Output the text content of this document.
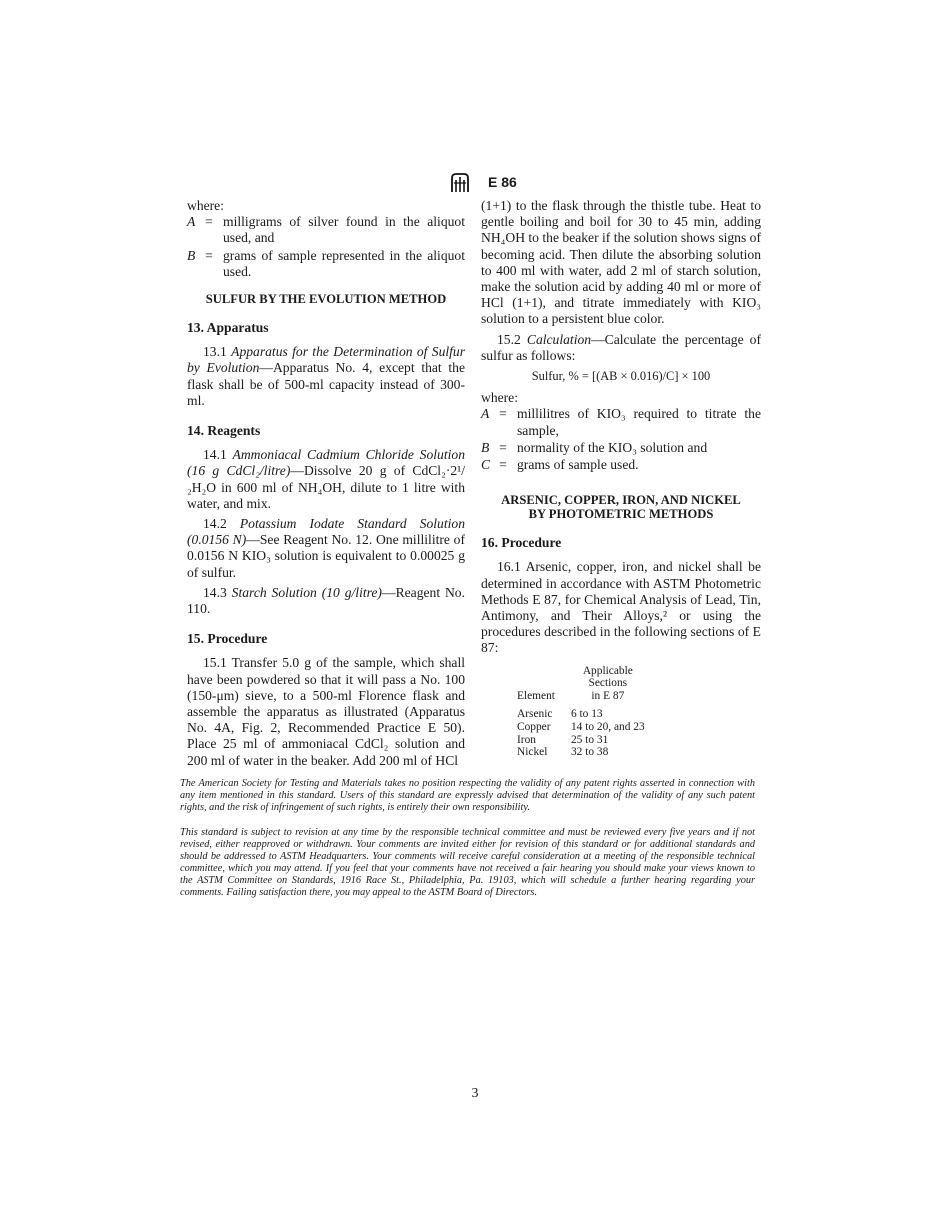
E 86

where:

A = milligrams of silver found in the aliquot used, and
B = grams of sample represented in the aliquot used.
SULFUR BY THE EVOLUTION METHOD
13. Apparatus

13.1 Apparatus for the Determination of Sulfur by Evolution—Apparatus No. 4, except that the flask shall be of 500-ml capacity instead of 300-ml.

14. Reagents

14.1 Ammoniacal Cadmium Chloride Solution (16 g CdCl₂/litre)—Dissolve 20 g of CdCl₂·2¹/₂H₂O in 600 ml of NH₄OH, dilute to 1 litre with water, and mix.

14.2 Potassium Iodate Standard Solution (0.0156 N)—See Reagent No. 12. One millilitre of 0.0156 N KIO₃ solution is equivalent to 0.00025 g of sulfur.

14.3 Starch Solution (10 g/litre)—Reagent No. 110.

15. Procedure

15.1 Transfer 5.0 g of the sample, which shall have been powdered so that it will pass a No. 100 (150-μm) sieve, to a 500-ml Florence flask and assemble the apparatus as illustrated (Apparatus No. 4A, Fig. 2, Recommended Practice E 50). Place 25 ml of ammoniacal CdCl₂ solution and 200 ml of water in the beaker. Add 200 ml of HCl

(1+1) to the flask through the thistle tube. Heat to gentle boiling and boil for 30 to 45 min, adding NH₄OH to the beaker if the solution shows signs of becoming acid. Then dilute the absorbing solution to 400 ml with water, add 2 ml of starch solution, make the solution acid by adding 40 ml or more of HCl (1+1), and titrate immediately with KIO₃ solution to a persistent blue color.

15.2 Calculation—Calculate the percentage of sulfur as follows:

Sulfur, % = [(AB × 0.016)/C] × 100

where:

A = millilitres of KIO₃ required to titrate the sample,
B = normality of the KIO₃ solution and
C = grams of sample used.
ARSENIC, COPPER, IRON, AND NICKEL
BY PHOTOMETRIC METHODS
16. Procedure

16.1 Arsenic, copper, iron, and nickel shall be determined in accordance with ASTM Photometric Methods E 87, for Chemical Analysis of Lead, Tin, Antimony, and Their Alloys,² or using the procedures described in the following sections of E 87:

Element	Applicable
Sections
in E 87

Arsenic	6 to 13
Copper	14 to 20, and 23
Iron	25 to 31
Nickel	32 to 38
The American Society for Testing and Materials takes no position respecting the validity of any patent rights asserted in connection with any item mentioned in this standard. Users of this standard are expressly advised that determination of the validity of any such patent rights, and the risk of infringement of such rights, is entirely their own responsibility.
This standard is subject to revision at any time by the responsible technical committee and must be reviewed every five years and if not revised, either reapproved or withdrawn. Your comments are invited either for revision of this standard or for additional standards and should be addressed to ASTM Headquarters. Your comments will receive careful consideration at a meeting of the responsible technical committee, which you may attend. If you feel that your comments have not received a fair hearing you should make your views known to the ASTM Committee on Standards, 1916 Race St., Philadelphia, Pa. 19103, which will schedule a further hearing regarding your comments. Failing satisfaction there, you may appeal to the ASTM Board of Directors.
3
